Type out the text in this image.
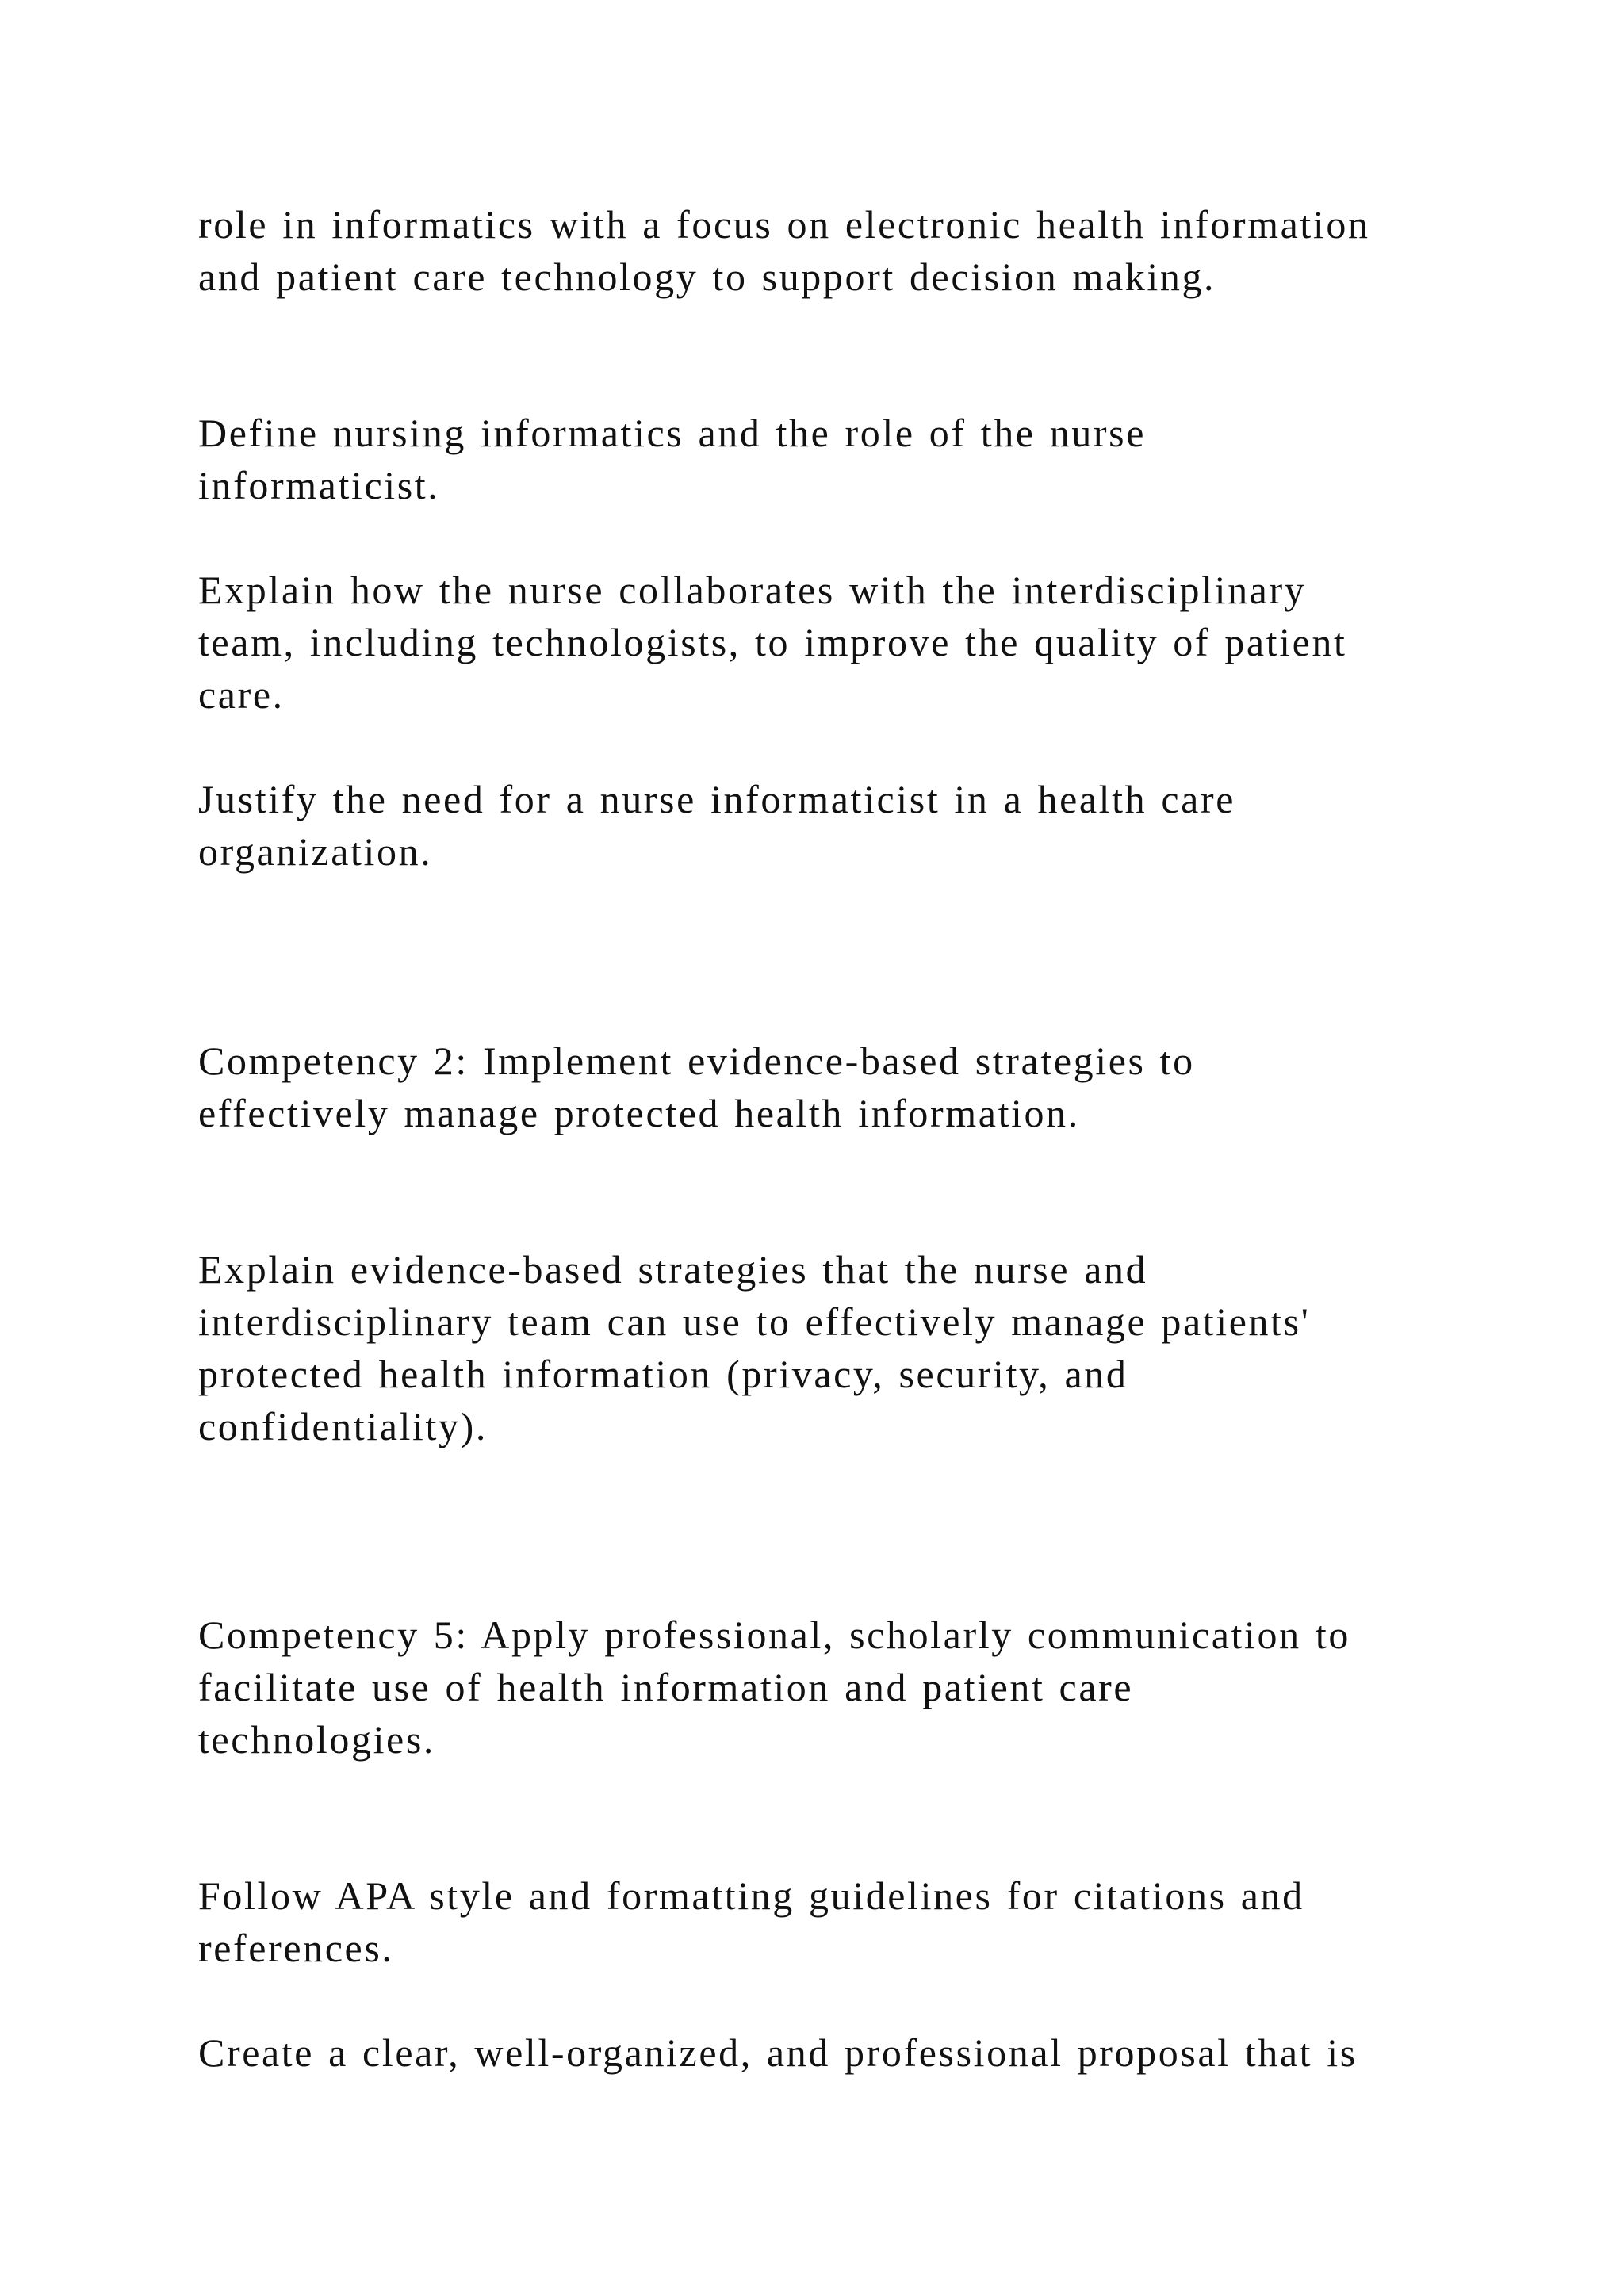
role in informatics with a focus on electronic health information

and patient care technology to support decision making.

Define nursing informatics and the role of the nurse

informaticist.

Explain how the nurse collaborates with the interdisciplinary

team, including technologists, to improve the quality of patient

care.

Justify the need for a nurse informaticist in a health care

organization.

Competency 2: Implement evidence-based strategies to

effectively manage protected health information.

Explain evidence-based strategies that the nurse and

interdisciplinary team can use to effectively manage patients'

protected health information (privacy, security, and

confidentiality).

Competency 5: Apply professional, scholarly communication to

facilitate use of health information and patient care

technologies.

Follow APA style and formatting guidelines for citations and

references.

Create a clear, well-organized, and professional proposal that is
